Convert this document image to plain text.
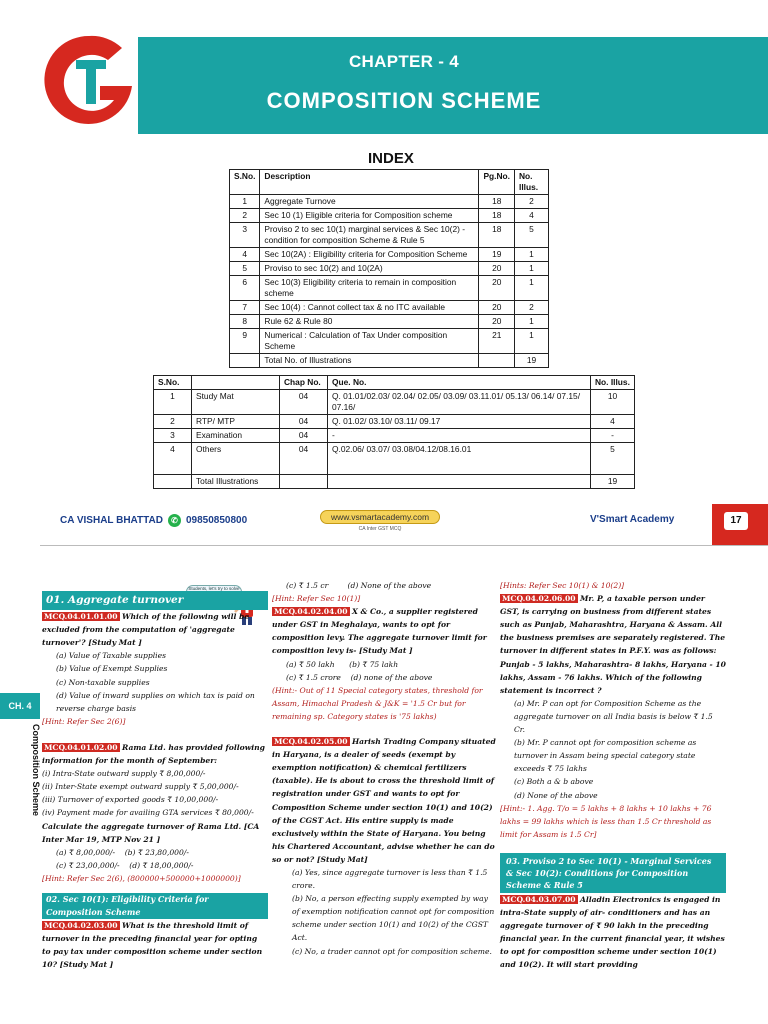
CHAPTER - 4
COMPOSITION SCHEME
INDEX
S.No.	Description	Pg.No.	No. Illus.
1	Aggregate Turnove	18	2
2	Sec 10 (1) Eligible criteria for Composition scheme	18	4
3	Proviso 2 to sec 10(1) marginal services & Sec 10(2) - condition for composition Scheme & Rule 5	18	5
4	Sec 10(2A) : Eligibility criteria for Composition Scheme	19	1
5	Proviso to sec 10(2) and 10(2A)	20	1
6	Sec 10(3) Eligibility criteria to remain in composition scheme	20	1
7	Sec 10(4) : Cannot collect tax & no ITC available	20	2
8	Rule 62 & Rule 80	20	1
9	Numerical : Calculation of Tax Under composition Scheme	21	1
	Total No. of Illustrations		19
S.No.		Chap No.	Que. No.	No. Illus.
1	Study Mat	04	Q. 01.01/02.03/ 02.04/ 02.05/ 03.09/ 03.11.01/ 05.13/ 06.14/ 07.15/ 07.16/	10
2	RTP/ MTP	04	Q. 01.02/ 03.10/ 03.11/ 09.17	4
3	Examination	04	-	-
4	Others	04	Q.02.06/ 03.07/ 03.08/04.12/08.16.01	5
	Total Illustrations			19
CA VISHAL BHATTAD	✆ 09850850800	www.vsmartacademy.com
CA Inter GST MCQ
V'Smart Academy	17
CH. 4
Composition Scheme
Students, let's try to solve
01. Aggregate turnover
MCQ.04.01.01.00 Which of the following will be excluded from the computation of 'aggregate turnover'? [Study Mat ]
(a) Value of Taxable supplies
(b) Value of Exempt Supplies
(c) Non-taxable supplies
(d) Value of inward supplies on which tax is paid on reverse charge basis
[Hint: Refer Sec 2(6)]
MCQ.04.01.02.00 Rama Ltd. has provided following information for the month of September:
(i) Intra-State outward supply ₹ 8,00,000/-
(ii) Inter-State exempt outward supply ₹ 5,00,000/-
(iii) Turnover of exported goods ₹ 10,00,000/-
(iv) Payment made for availing GTA services ₹ 80,000/-
Calculate the aggregate turnover of Rama Ltd. [CA Inter Mar 19, MTP Nov 21 ]
(a) ₹ 8,00,000/- (b) ₹ 23,80,000/-
(c) ₹ 23,00,000/- (d) ₹ 18,00,000/-
[Hint: Refer Sec 2(6), (800000+500000+1000000)]
02. Sec 10(1): Eligibility Criteria for Composition Scheme
MCQ.04.02.03.00 What is the threshold limit of turnover in the preceding financial year for opting to pay tax under composition scheme under section 10? [Study Mat ]
(c) ₹ 1.5 cr	(d) None of the above
[Hint: Refer Sec 10(1)]
MCQ.04.02.04.00 X & Co., a supplier registered under GST in Meghalaya, wants to opt for composition levy. The aggregate turnover limit for composition levy is- [Study Mat ]
(a) ₹ 50 lakh (b) ₹ 75 lakh
(c) ₹ 1.5 crore (d) none of the above
(Hint:- Out of 11 Special category states, threshold for Assam, Himachal Pradesh & J&K = '1.5 Cr but for remaining sp. Category states is '75 lakhs)
MCQ.04.02.05.00 Harish Trading Company situated in Haryana, is a dealer of seeds (exempt by exemption notification) & chemical fertilizers (taxable). He is about to cross the threshold limit of registration under GST and wants to opt for Composition Scheme under section 10(1) and 10(2) of the CGST Act. His entire supply is made exclusively within the State of Haryana. You being his Chartered Accountant, advise whether he can do so or not? [Study Mat]
(a) Yes, since aggregate turnover is less than ₹ 1.5 crore.
(b) No, a person effecting supply exempted by way of exemption notification cannot opt for composition scheme under section 10(1) and 10(2) of the CGST Act.
(c) No, a trader cannot opt for composition scheme.
[Hints: Refer Sec 10(1) & 10(2)]
MCQ.04.02.06.00 Mr. P, a taxable person under GST, is carrying on business from different states such as Punjab, Maharashtra, Haryana & Assam. All the business premises are separately registered. The turnover in different states in P.F.Y. was as follows:
Punjab - 5 lakhs, Maharashtra- 8 lakhs, Haryana - 10 lakhs, Assam - 76 lakhs. Which of the following statement is incorrect ?
(a) Mr. P can opt for Composition Scheme as the aggregate turnover on all India basis is below ₹ 1.5 Cr.
(b) Mr. P cannot opt for composition scheme as turnover in Assam being special category state exceeds ₹ 75 lakhs
(c) Both a & b above
(d) None of the above
[Hint:- 1. Agg. T/o = 5 lakhs + 8 lakhs + 10 lakhs + 76 lakhs = 99 lakhs which is less than 1.5 Cr threshold as limit for Assam is 1.5 Cr]
03. Proviso 2 to Sec 10(1) - Marginal Services & Sec 10(2): Conditions for Composition Scheme & Rule 5
MCQ.04.03.07.00 Alladin Electronics is engaged in intra-State supply of air- conditioners and has an aggregate turnover of ₹ 90 lakh in the preceding financial year. In the current financial year, it wishes to opt for composition scheme under section 10(1) and 10(2). It will start providing
